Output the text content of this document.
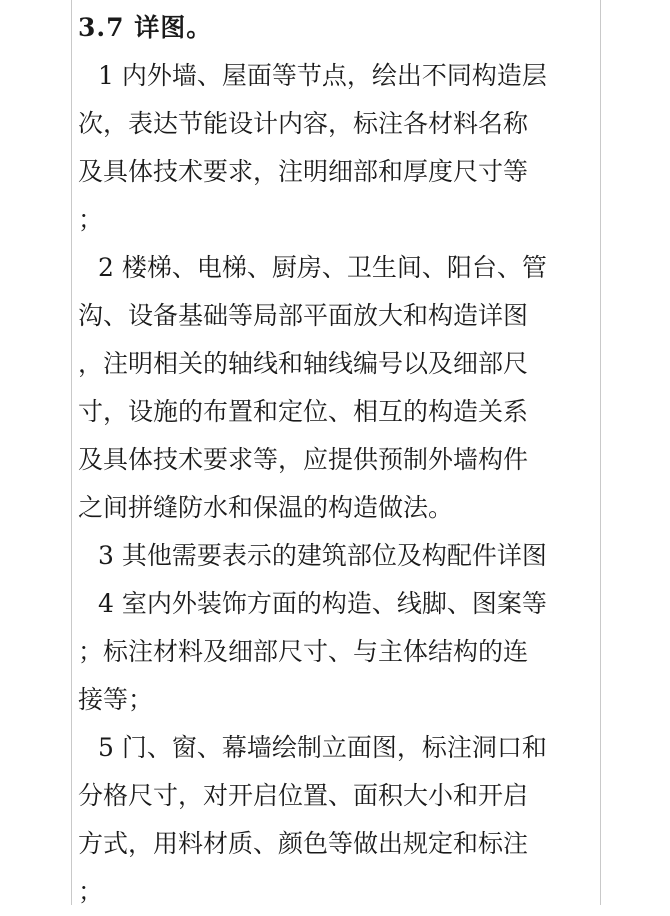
3.7 详图。
1 内外墙、屋面等节点，绘出不同构造层
次，表达节能设计内容，标注各材料名称
及具体技术要求，注明细部和厚度尺寸等
；
2 楼梯、电梯、厨房、卫生间、阳台、管
沟、设备基础等局部平面放大和构造详图
，注明相关的轴线和轴线编号以及细部尺
寸，设施的布置和定位、相互的构造关系
及具体技术要求等，应提供预制外墙构件
之间拼缝防水和保温的构造做法。
3 其他需要表示的建筑部位及构配件详图
4 室内外装饰方面的构造、线脚、图案等
；标注材料及细部尺寸、与主体结构的连
接等；
5 门、窗、幕墙绘制立面图，标注洞口和
分格尺寸，对开启位置、面积大小和开启
方式，用料材质、颜色等做出规定和标注
；
